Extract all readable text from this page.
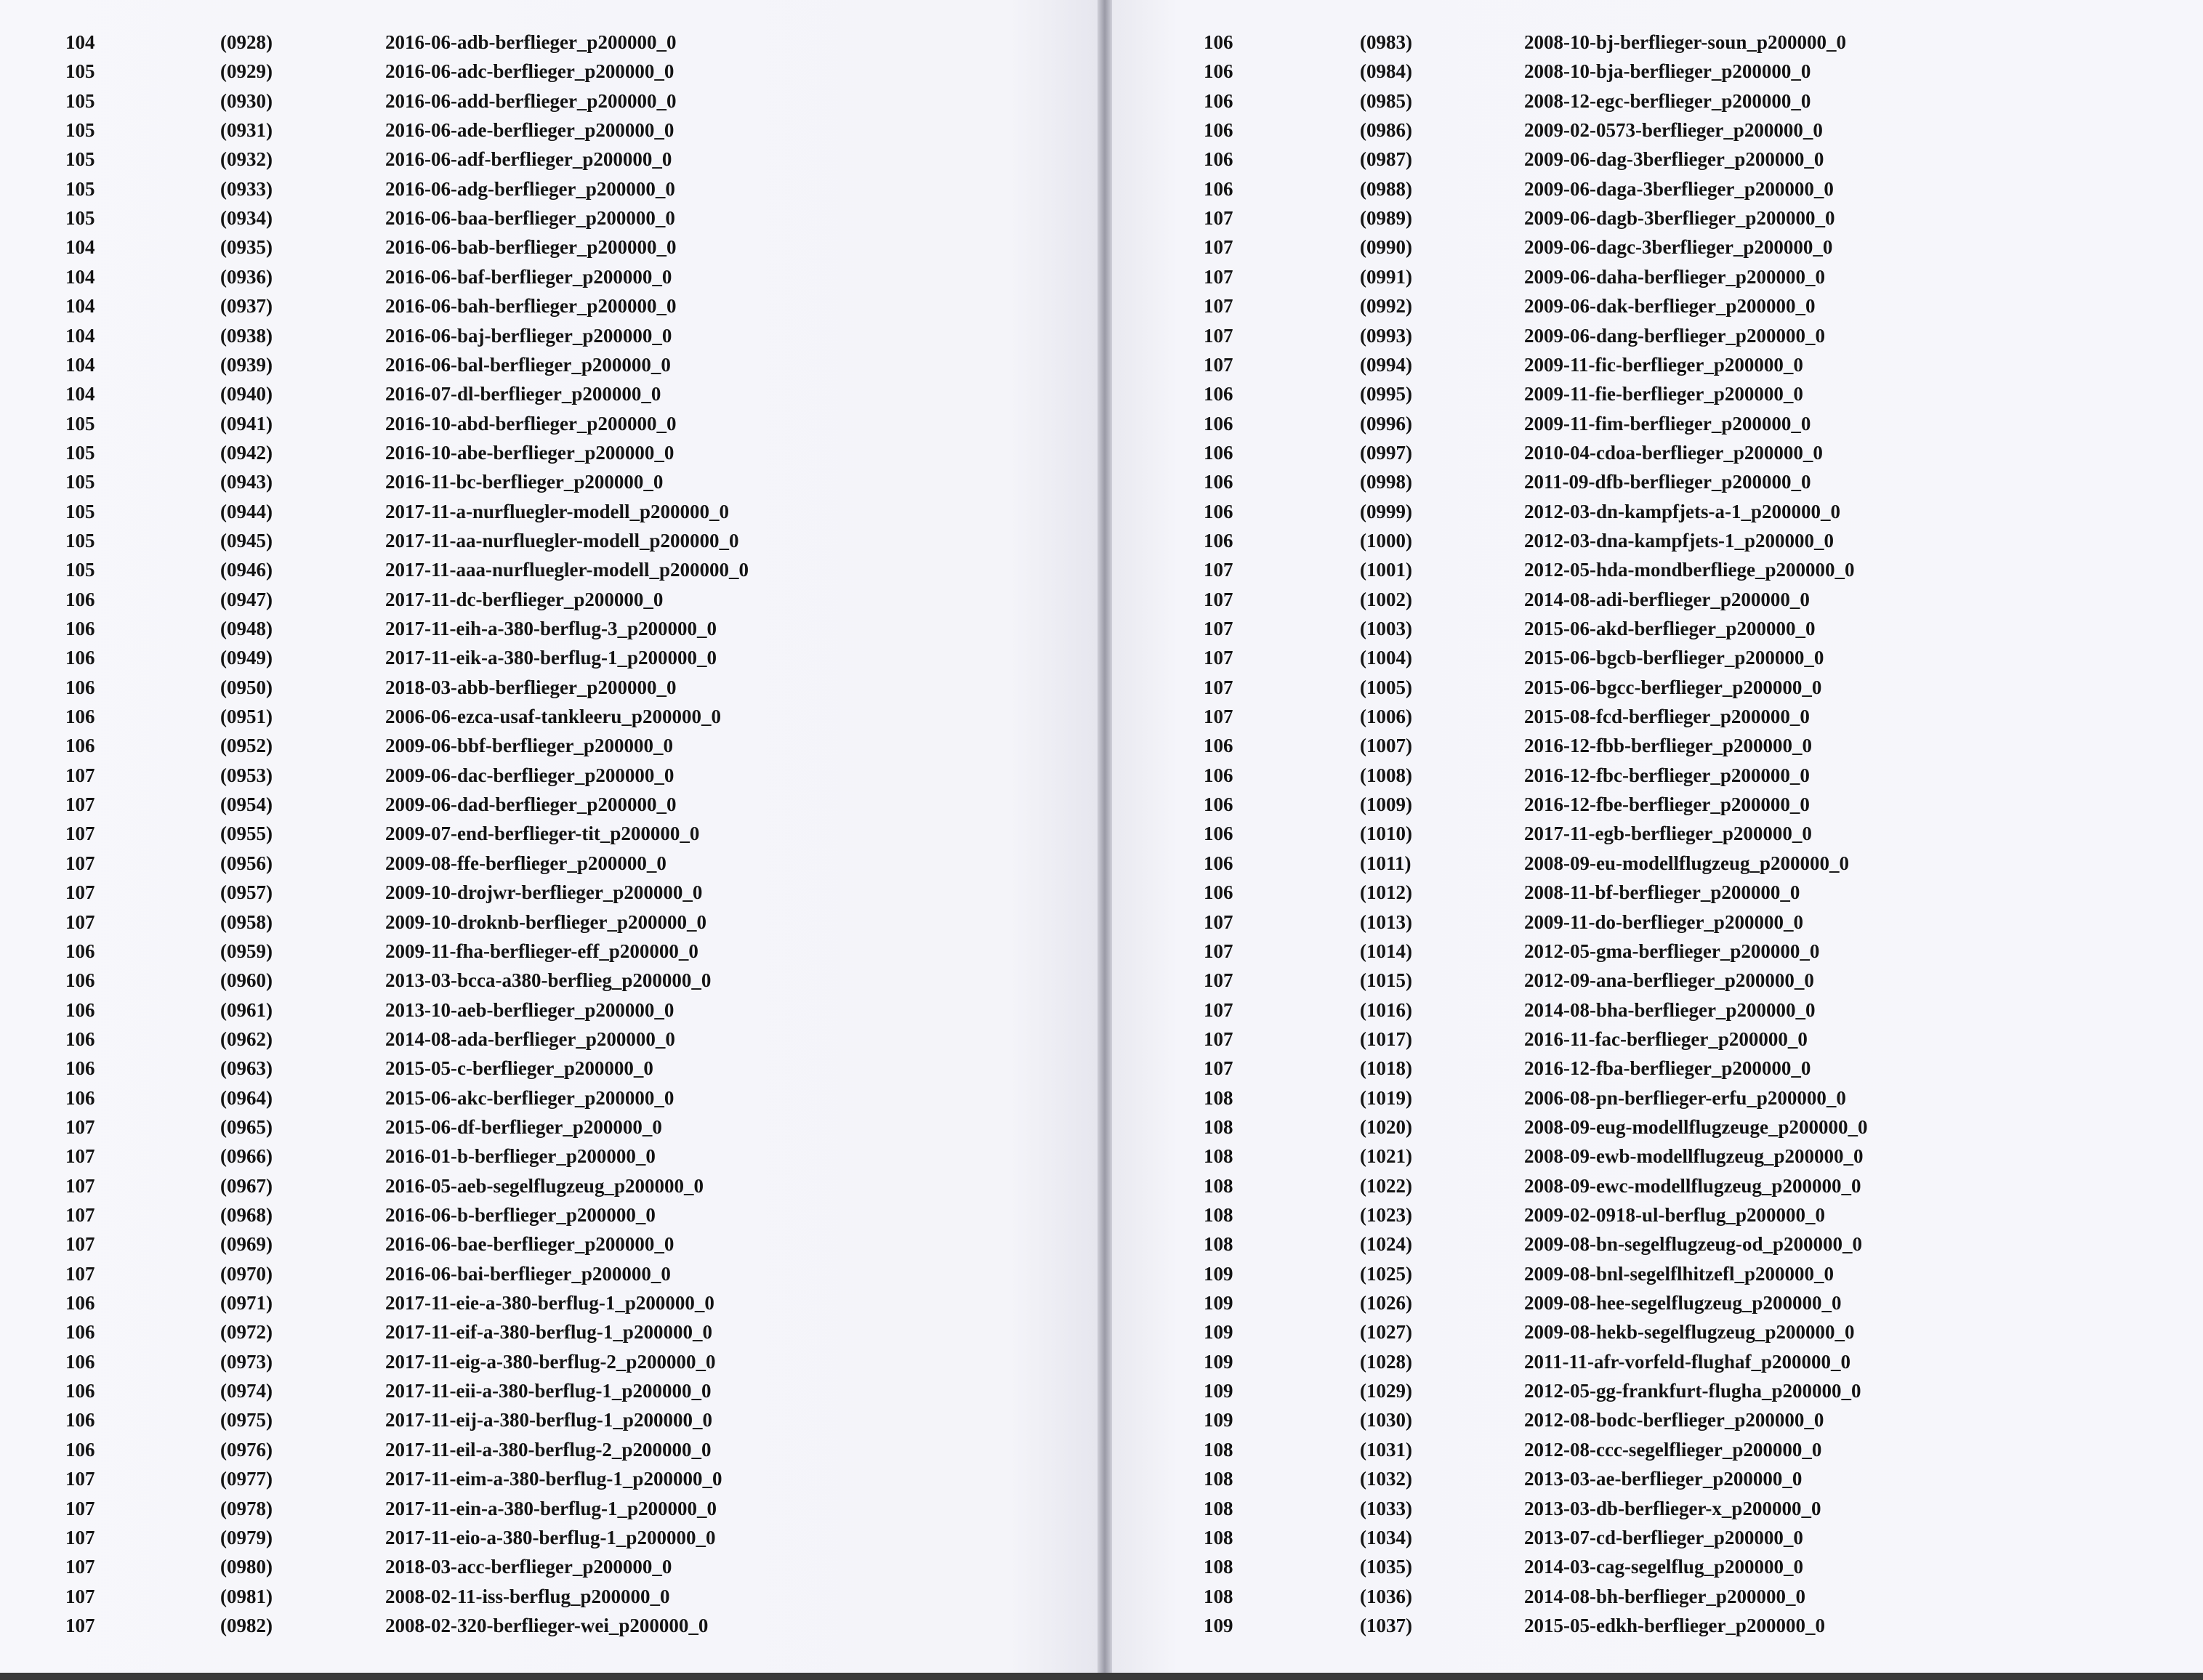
104	(0928)	2016-06-adb-berflieger_p200000_0
105	(0929)	2016-06-adc-berflieger_p200000_0
105	(0930)	2016-06-add-berflieger_p200000_0
105	(0931)	2016-06-ade-berflieger_p200000_0
105	(0932)	2016-06-adf-berflieger_p200000_0
105	(0933)	2016-06-adg-berflieger_p200000_0
105	(0934)	2016-06-baa-berflieger_p200000_0
104	(0935)	2016-06-bab-berflieger_p200000_0
104	(0936)	2016-06-baf-berflieger_p200000_0
104	(0937)	2016-06-bah-berflieger_p200000_0
104	(0938)	2016-06-baj-berflieger_p200000_0
104	(0939)	2016-06-bal-berflieger_p200000_0
104	(0940)	2016-07-dl-berflieger_p200000_0
105	(0941)	2016-10-abd-berflieger_p200000_0
105	(0942)	2016-10-abe-berflieger_p200000_0
105	(0943)	2016-11-bc-berflieger_p200000_0
105	(0944)	2017-11-a-nurfluegler-modell_p200000_0
105	(0945)	2017-11-aa-nurfluegler-modell_p200000_0
105	(0946)	2017-11-aaa-nurfluegler-modell_p200000_0
106	(0947)	2017-11-dc-berflieger_p200000_0
106	(0948)	2017-11-eih-a-380-berflug-3_p200000_0
106	(0949)	2017-11-eik-a-380-berflug-1_p200000_0
106	(0950)	2018-03-abb-berflieger_p200000_0
106	(0951)	2006-06-ezca-usaf-tankleeru_p200000_0
106	(0952)	2009-06-bbf-berflieger_p200000_0
107	(0953)	2009-06-dac-berflieger_p200000_0
107	(0954)	2009-06-dad-berflieger_p200000_0
107	(0955)	2009-07-end-berflieger-tit_p200000_0
107	(0956)	2009-08-ffe-berflieger_p200000_0
107	(0957)	2009-10-drojwr-berflieger_p200000_0
107	(0958)	2009-10-droknb-berflieger_p200000_0
106	(0959)	2009-11-fha-berflieger-eff_p200000_0
106	(0960)	2013-03-bcca-a380-berflieg_p200000_0
106	(0961)	2013-10-aeb-berflieger_p200000_0
106	(0962)	2014-08-ada-berflieger_p200000_0
106	(0963)	2015-05-c-berflieger_p200000_0
106	(0964)	2015-06-akc-berflieger_p200000_0
107	(0965)	2015-06-df-berflieger_p200000_0
107	(0966)	2016-01-b-berflieger_p200000_0
107	(0967)	2016-05-aeb-segelflugzeug_p200000_0
107	(0968)	2016-06-b-berflieger_p200000_0
107	(0969)	2016-06-bae-berflieger_p200000_0
107	(0970)	2016-06-bai-berflieger_p200000_0
106	(0971)	2017-11-eie-a-380-berflug-1_p200000_0
106	(0972)	2017-11-eif-a-380-berflug-1_p200000_0
106	(0973)	2017-11-eig-a-380-berflug-2_p200000_0
106	(0974)	2017-11-eii-a-380-berflug-1_p200000_0
106	(0975)	2017-11-eij-a-380-berflug-1_p200000_0
106	(0976)	2017-11-eil-a-380-berflug-2_p200000_0
107	(0977)	2017-11-eim-a-380-berflug-1_p200000_0
107	(0978)	2017-11-ein-a-380-berflug-1_p200000_0
107	(0979)	2017-11-eio-a-380-berflug-1_p200000_0
107	(0980)	2018-03-acc-berflieger_p200000_0
107	(0981)	2008-02-11-iss-berflug_p200000_0
107	(0982)	2008-02-320-berflieger-wei_p200000_0
106	(0983)	2008-10-bj-berflieger-soun_p200000_0
106	(0984)	2008-10-bja-berflieger_p200000_0
106	(0985)	2008-12-egc-berflieger_p200000_0
106	(0986)	2009-02-0573-berflieger_p200000_0
106	(0987)	2009-06-dag-3berflieger_p200000_0
106	(0988)	2009-06-daga-3berflieger_p200000_0
107	(0989)	2009-06-dagb-3berflieger_p200000_0
107	(0990)	2009-06-dagc-3berflieger_p200000_0
107	(0991)	2009-06-daha-berflieger_p200000_0
107	(0992)	2009-06-dak-berflieger_p200000_0
107	(0993)	2009-06-dang-berflieger_p200000_0
107	(0994)	2009-11-fic-berflieger_p200000_0
106	(0995)	2009-11-fie-berflieger_p200000_0
106	(0996)	2009-11-fim-berflieger_p200000_0
106	(0997)	2010-04-cdoa-berflieger_p200000_0
106	(0998)	2011-09-dfb-berflieger_p200000_0
106	(0999)	2012-03-dn-kampfjets-a-1_p200000_0
106	(1000)	2012-03-dna-kampfjets-1_p200000_0
107	(1001)	2012-05-hda-mondberfliege_p200000_0
107	(1002)	2014-08-adi-berflieger_p200000_0
107	(1003)	2015-06-akd-berflieger_p200000_0
107	(1004)	2015-06-bgcb-berflieger_p200000_0
107	(1005)	2015-06-bgcc-berflieger_p200000_0
107	(1006)	2015-08-fcd-berflieger_p200000_0
106	(1007)	2016-12-fbb-berflieger_p200000_0
106	(1008)	2016-12-fbc-berflieger_p200000_0
106	(1009)	2016-12-fbe-berflieger_p200000_0
106	(1010)	2017-11-egb-berflieger_p200000_0
106	(1011)	2008-09-eu-modellflugzeug_p200000_0
106	(1012)	2008-11-bf-berflieger_p200000_0
107	(1013)	2009-11-do-berflieger_p200000_0
107	(1014)	2012-05-gma-berflieger_p200000_0
107	(1015)	2012-09-ana-berflieger_p200000_0
107	(1016)	2014-08-bha-berflieger_p200000_0
107	(1017)	2016-11-fac-berflieger_p200000_0
107	(1018)	2016-12-fba-berflieger_p200000_0
108	(1019)	2006-08-pn-berflieger-erfu_p200000_0
108	(1020)	2008-09-eug-modellflugzeuge_p200000_0
108	(1021)	2008-09-ewb-modellflugzeug_p200000_0
108	(1022)	2008-09-ewc-modellflugzeug_p200000_0
108	(1023)	2009-02-0918-ul-berflug_p200000_0
108	(1024)	2009-08-bn-segelflugzeug-od_p200000_0
109	(1025)	2009-08-bnl-segelflhitzefl_p200000_0
109	(1026)	2009-08-hee-segelflugzeug_p200000_0
109	(1027)	2009-08-hekb-segelflugzeug_p200000_0
109	(1028)	2011-11-afr-vorfeld-flughaf_p200000_0
109	(1029)	2012-05-gg-frankfurt-flugha_p200000_0
109	(1030)	2012-08-bodc-berflieger_p200000_0
108	(1031)	2012-08-ccc-segelflieger_p200000_0
108	(1032)	2013-03-ae-berflieger_p200000_0
108	(1033)	2013-03-db-berflieger-x_p200000_0
108	(1034)	2013-07-cd-berflieger_p200000_0
108	(1035)	2014-03-cag-segelflug_p200000_0
108	(1036)	2014-08-bh-berflieger_p200000_0
109	(1037)	2015-05-edkh-berflieger_p200000_0
